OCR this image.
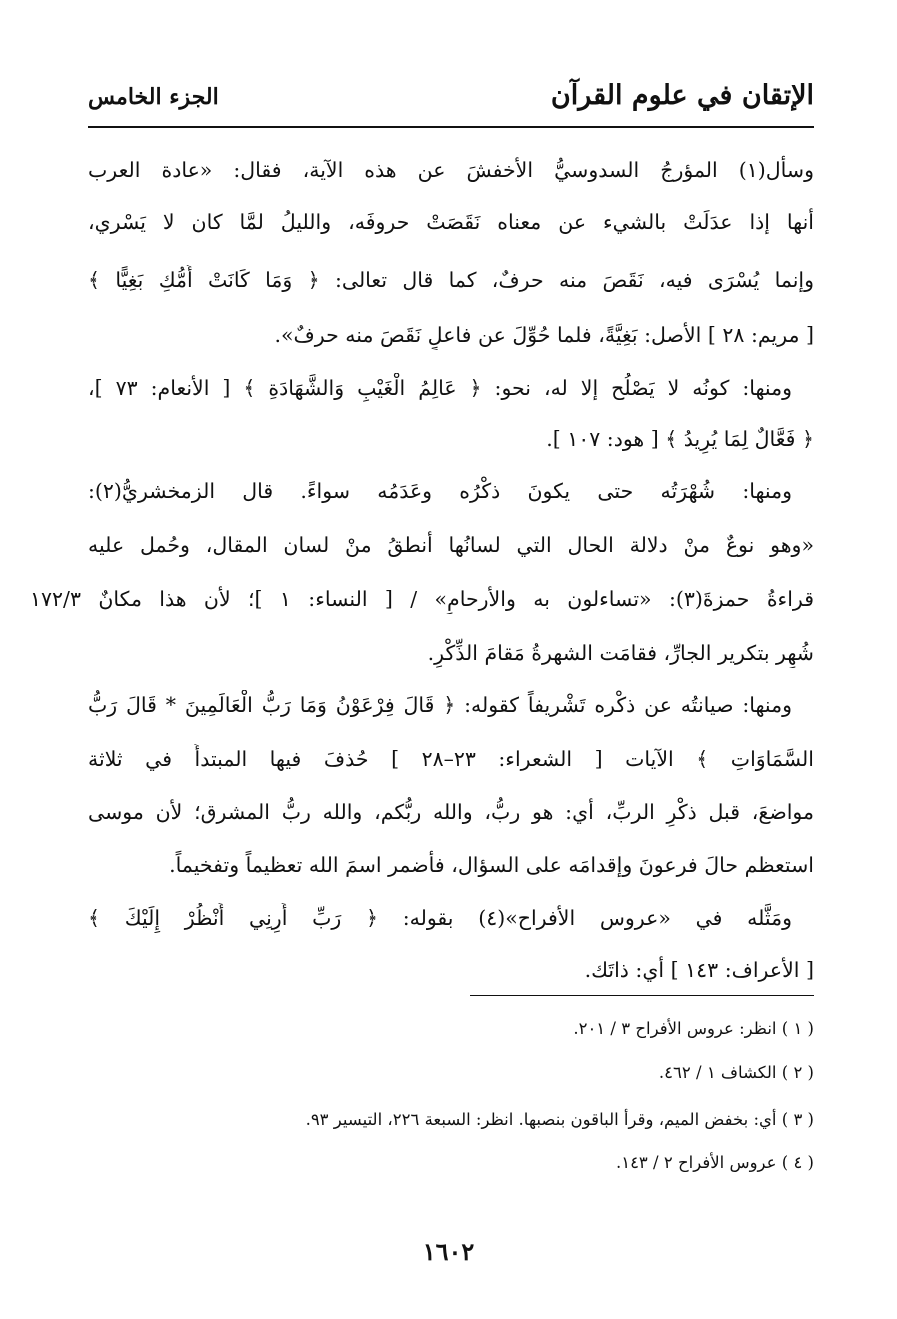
الإتقان في علوم القرآن
الجزء الخامس
وسأل(١) المؤرجُ السدوسيُّ الأخفشَ عن هذه الآية، فقال: «عادة العرب
أنها إذا عدَلَتْ بالشيء عن معناه نَقَصَتْ حروفَه، والليلُ لمَّا كان لا يَسْري،
وإنما يُسْرَى فيه، نَقَصَ منه حرفٌ، كما قال تعالى: ﴿ وَمَا كَانَتْ أُمُّكِ بَغِيًّا ﴾
[ مريم: ٢٨ ] الأصل: بَغِيَّةً، فلما حُوِّلَ عن فاعلٍ نَقَصَ منه حرفٌ».
ومنها: كونُه لا يَصْلُح إلا له، نحو: ﴿ عَالِمُ الْغَيْبِ وَالشَّهَادَةِ ﴾ [ الأنعام: ٧٣ ]،
﴿ فَعَّالٌ لِمَا يُرِيدُ ﴾ [ هود: ١٠٧ ].
ومنها: شُهْرَتُه حتى يكونَ ذكْرُه وعَدَمُه سواءً. قال الزمخشريُّ(٢):
«وهو نوعٌ منْ دلالة الحال التي لسانُها أنطقُ منْ لسان المقال، وحُمل عليه
قراءةُ حمزةَ(٣): «تساءلون به والأرحامِ» / [ النساء: ١ ]؛ لأن هذا مكانٌ ١٧٢/٣
شُهِر بتكرير الجارِّ، فقامَت الشهرةُ مَقامَ الذِّكْرِ.
ومنها: صيانتُه عن ذكْره تَشْريفاً كقوله: ﴿ قَالَ فِرْعَوْنُ وَمَا رَبُّ الْعَالَمِينَ * قَالَ رَبُّ
السَّمَاوَاتِ ﴾ الآيات [ الشعراء: ٢٣–٢٨ ] حُذفَ فيها المبتدأُ في ثلاثة
مواضعَ، قبل ذكْرِ الربِّ، أي: هو ربُّ، والله ربُّكم، والله ربُّ المشرق؛ لأن موسى
استعظم حالَ فرعونَ وإقدامَه على السؤال، فأضمر اسمَ الله تعظيماً وتفخيماً.
ومَثَّله في «عروس الأفراح»(٤) بقوله: ﴿ رَبِّ أَرِنِي أَنْظُرْ إِلَيْكَ ﴾
[ الأعراف: ١٤٣ ] أي: ذاتَك.
( ١ ) انظر: عروس الأفراح ٣ / ٢٠١.
( ٢ ) الكشاف ١ / ٤٦٢.
( ٣ ) أي: بخفض الميم، وقرأ الباقون بنصبها. انظر: السبعة ٢٢٦، التيسير ٩٣.
( ٤ ) عروس الأفراح ٢ / ١٤٣.
١٦٠٢
